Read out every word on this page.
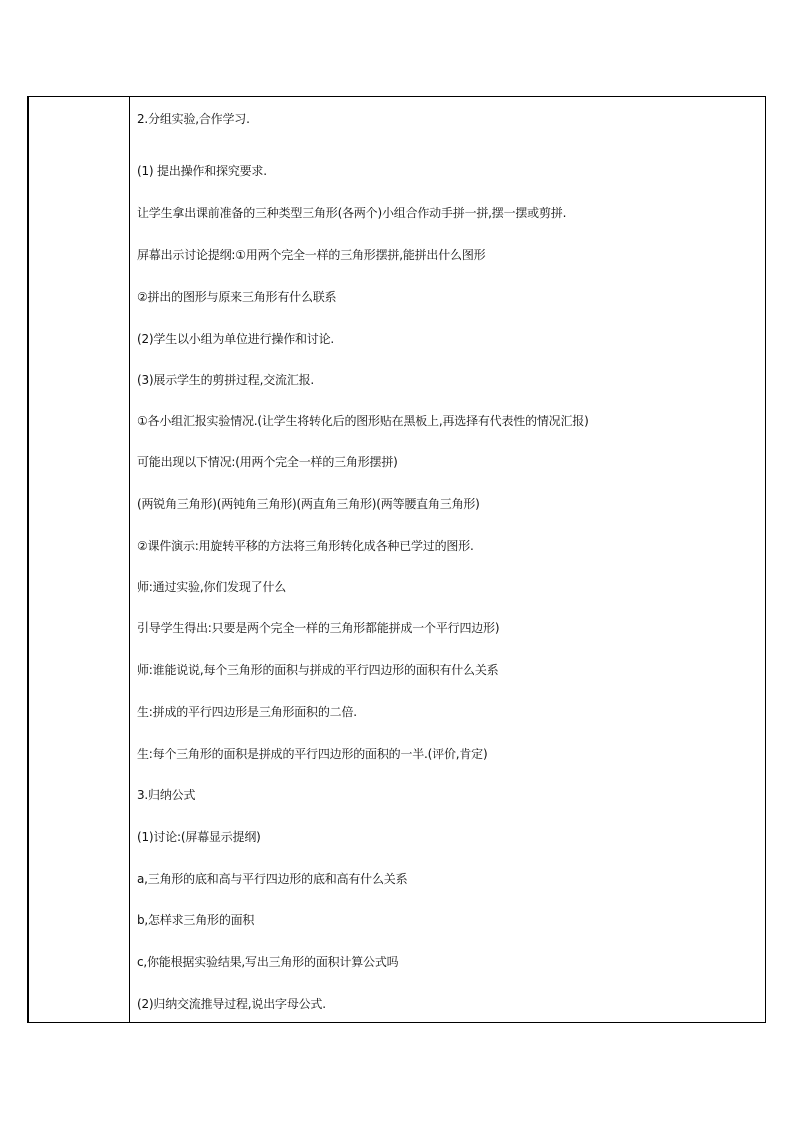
2.分组实验,合作学习.
(1) 提出操作和探究要求.
让学生拿出课前准备的三种类型三角形(各两个)小组合作动手拼一拼,摆一摆或剪拼.
屏幕出示讨论提纲:①用两个完全一样的三角形摆拼,能拼出什么图形
②拼出的图形与原来三角形有什么联系
(2)学生以小组为单位进行操作和讨论.
(3)展示学生的剪拼过程,交流汇报.
①各小组汇报实验情况.(让学生将转化后的图形贴在黑板上,再选择有代表性的情况汇报)
可能出现以下情况:(用两个完全一样的三角形摆拼)
(两锐角三角形)(两钝角三角形)(两直角三角形)(两等腰直角三角形)
②课件演示:用旋转平移的方法将三角形转化成各种已学过的图形.
师:通过实验,你们发现了什么
引导学生得出:只要是两个完全一样的三角形都能拼成一个平行四边形)
师:谁能说说,每个三角形的面积与拼成的平行四边形的面积有什么关系
生:拼成的平行四边形是三角形面积的二倍.
生:每个三角形的面积是拼成的平行四边形的面积的一半.(评价,肯定)
3.归纳公式
(1)讨论:(屏幕显示提纲)
a,三角形的底和高与平行四边形的底和高有什么关系
b,怎样求三角形的面积
c,你能根据实验结果,写出三角形的面积计算公式吗
(2)归纳交流推导过程,说出字母公式.
